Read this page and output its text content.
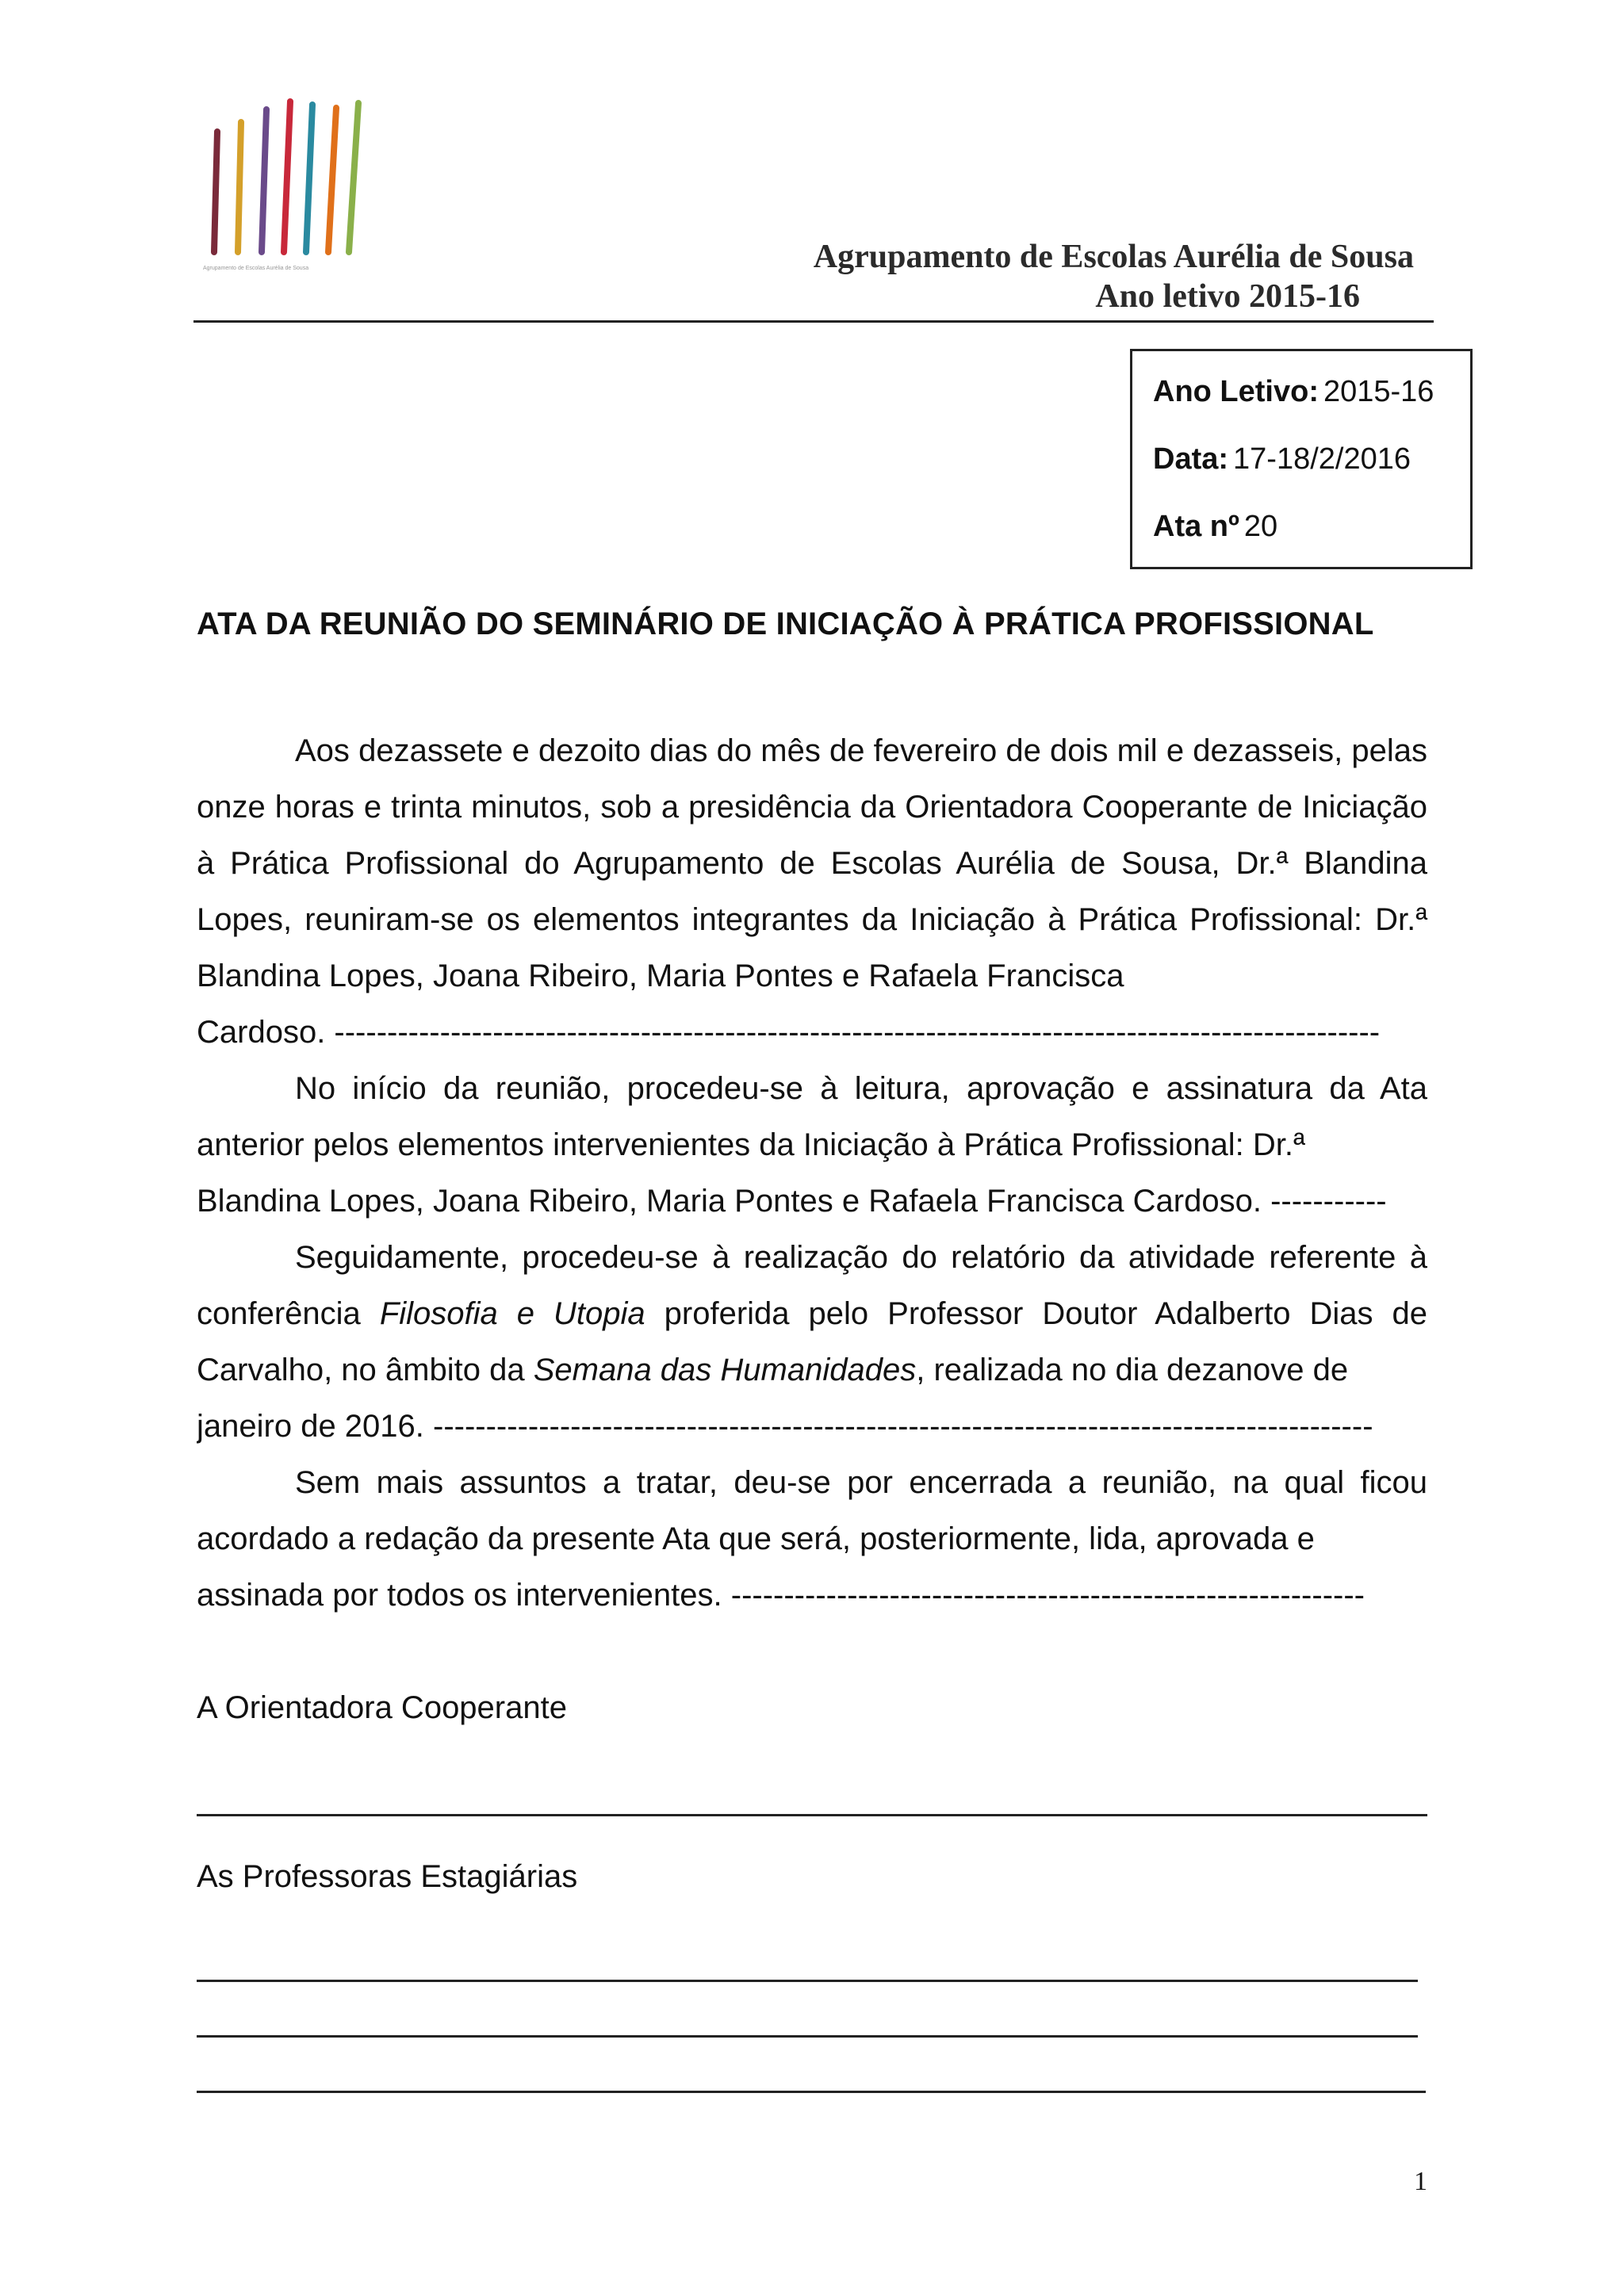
Agrupamento de Escolas Aurélia de Sousa	Agrupamento de Escolas Aurélia de Sousa
Ano letivo 2015-16
Ano Letivo: 2015-16
Data: 17-18/2/2016
Ata nº 20
ATA DA REUNIÃO DO SEMINÁRIO DE INICIAÇÃO À PRÁTICA PROFISSIONAL

Aos dezassete e dezoito dias do mês de fevereiro de dois mil e dezasseis, pelas onze horas e trinta minutos, sob a presidência da Orientadora Cooperante de Iniciação à Prática Profissional do Agrupamento de Escolas Aurélia de Sousa, Dr.ª Blandina Lopes, reuniram-se os elementos integrantes da Iniciação à Prática Profissional: Dr.ª Blandina Lopes, Joana Ribeiro, Maria Pontes e Rafaela Francisca
Cardoso. ---------------------------------------------------------------------------------------------------

No início da reunião, procedeu-se à leitura, aprovação e assinatura da Ata anterior pelos elementos intervenientes da Iniciação à Prática Profissional: Dr.ª
Blandina Lopes, Joana Ribeiro, Maria Pontes e Rafaela Francisca Cardoso. -----------

Seguidamente, procedeu-se à realização do relatório da atividade referente à conferência Filosofia e Utopia proferida pelo Professor Doutor Adalberto Dias de Carvalho, no âmbito da Semana das Humanidades, realizada no dia dezanove de
janeiro de 2016. -----------------------------------------------------------------------------------------

Sem mais assuntos a tratar, deu-se por encerrada a reunião, na qual ficou acordado a redação da presente Ata que será, posteriormente, lida, aprovada e
assinada por todos os intervenientes. ------------------------------------------------------------

A Orientadora Cooperante
As Professoras Estagiárias
1
